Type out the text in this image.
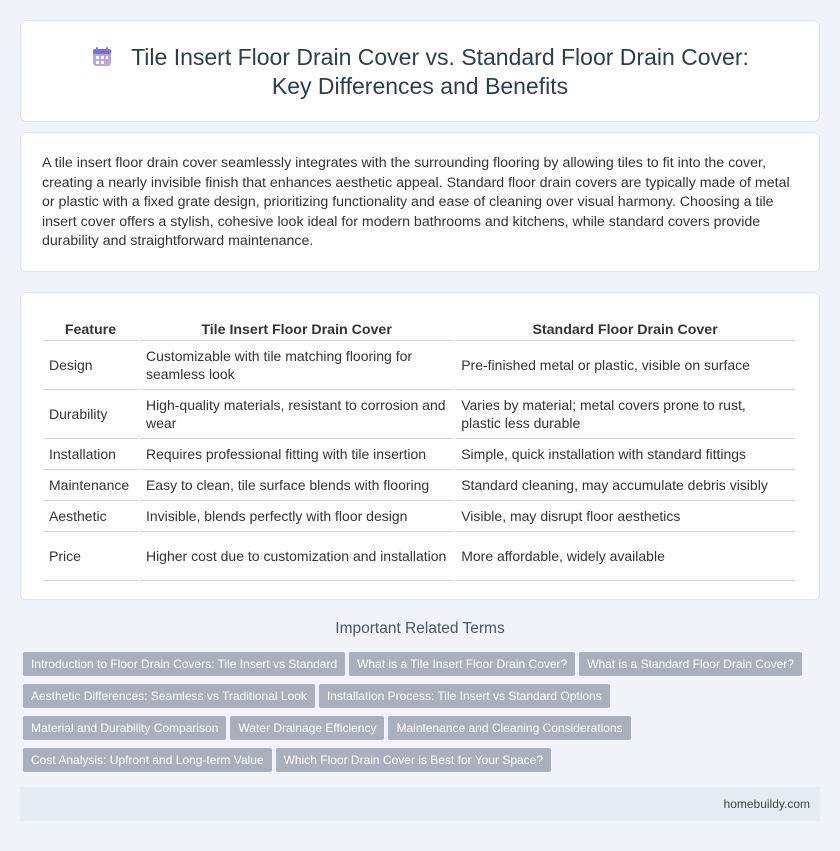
Tile Insert Floor Drain Cover vs. Standard Floor Drain Cover: Key Differences and Benefits

A tile insert floor drain cover seamlessly integrates with the surrounding flooring by allowing tiles to fit into the cover, creating a nearly invisible finish that enhances aesthetic appeal. Standard floor drain covers are typically made of metal or plastic with a fixed grate design, prioritizing functionality and ease of cleaning over visual harmony. Choosing a tile insert cover offers a stylish, cohesive look ideal for modern bathrooms and kitchens, while standard covers provide durability and straightforward maintenance.

Feature	Tile Insert Floor Drain Cover	Standard Floor Drain Cover
Design	Customizable with tile matching flooring for seamless look	Pre-finished metal or plastic, visible on surface
Durability	High-quality materials, resistant to corrosion and wear	Varies by material; metal covers prone to rust, plastic less durable
Installation	Requires professional fitting with tile insertion	Simple, quick installation with standard fittings
Maintenance	Easy to clean, tile surface blends with flooring	Standard cleaning, may accumulate debris visibly
Aesthetic	Invisible, blends perfectly with floor design	Visible, may disrupt floor aesthetics
Price	Higher cost due to customization and installation	More affordable, widely available
Important Related Terms
Introduction to Floor Drain Covers: Tile Insert vs Standard What is a Tile Insert Floor Drain Cover? What is a Standard Floor Drain Cover?
Aesthetic Differences: Seamless vs Traditional Look Installation Process: Tile Insert vs Standard Options
Material and Durability Comparison Water Drainage Efficiency Maintenance and Cleaning Considerations
Cost Analysis: Upfront and Long-term Value Which Floor Drain Cover is Best for Your Space?
homebuildy.com
